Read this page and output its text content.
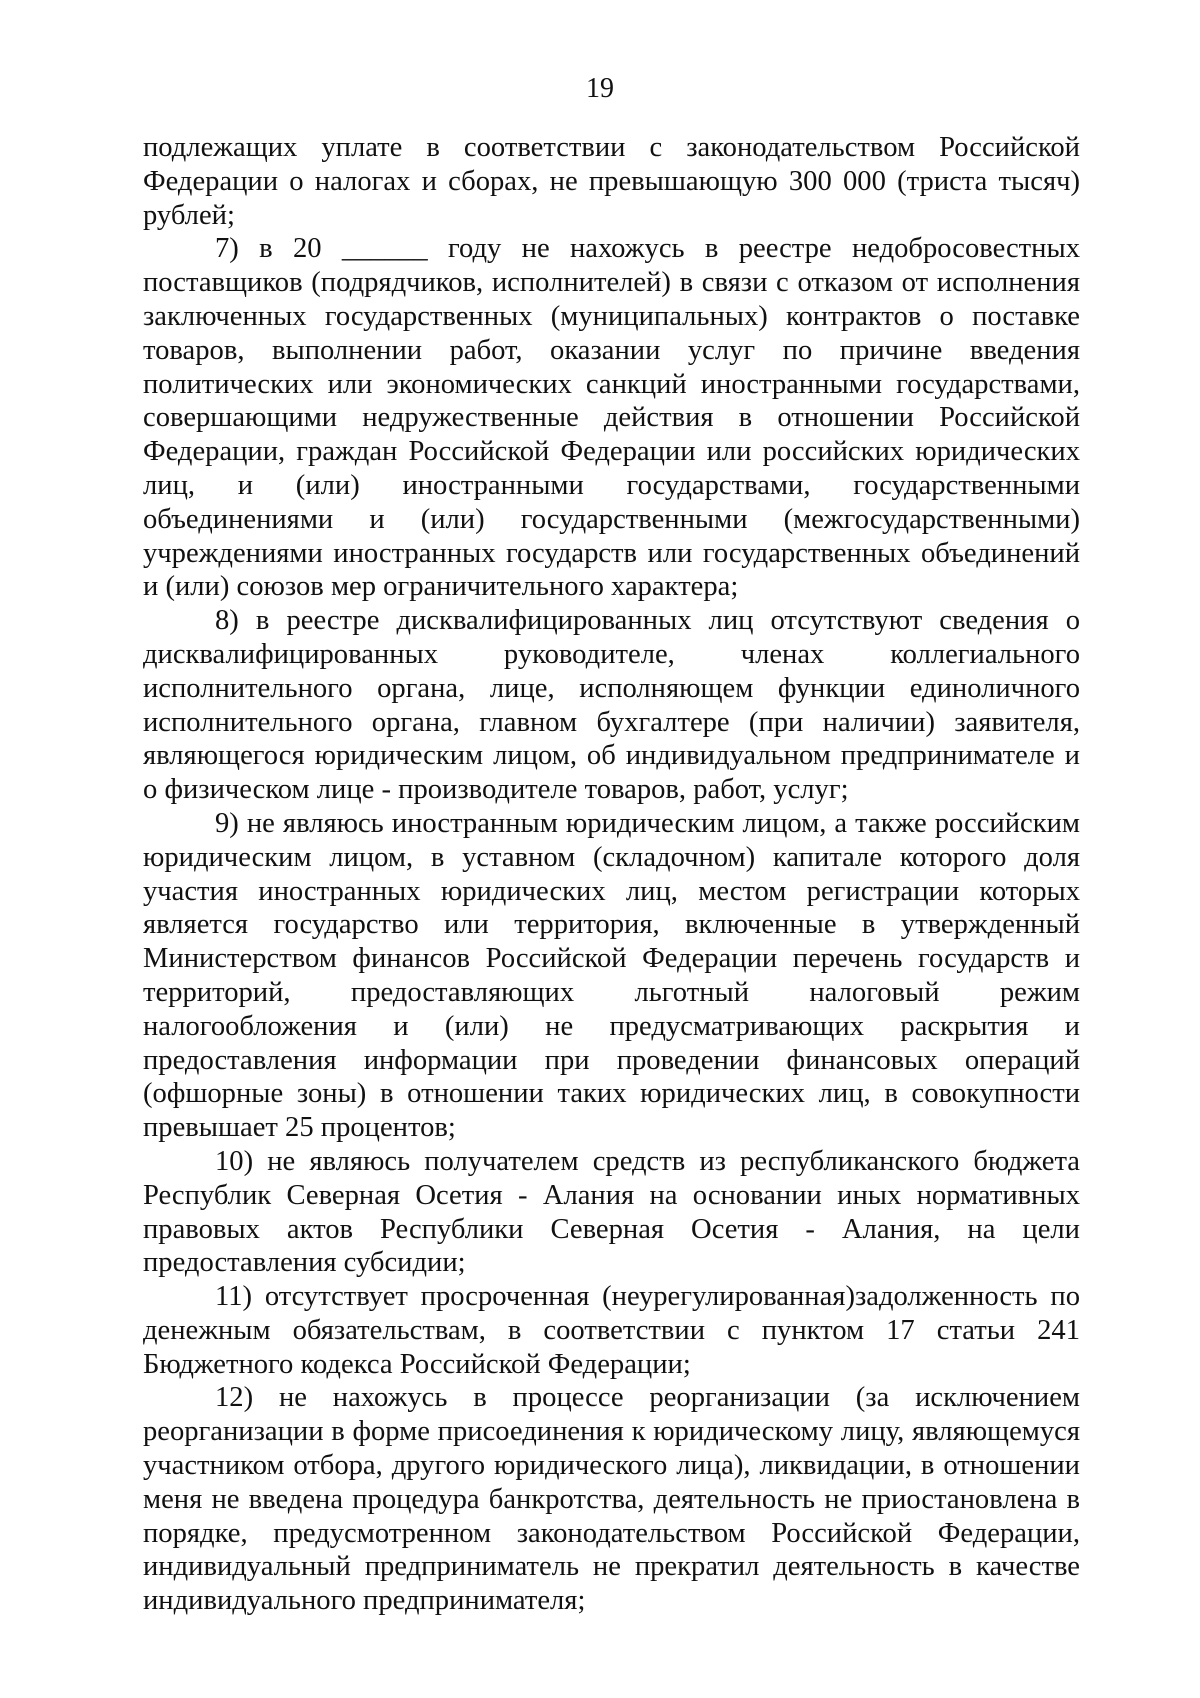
19

подлежащих уплате в соответствии с законодательством Российской Федерации о налогах и сборах, не превышающую 300 000 (триста тысяч) рублей;

7) в 20 ______ году не нахожусь в реестре недобросовестных поставщиков (подрядчиков, исполнителей) в связи с отказом от исполнения заключенных государственных (муниципальных) контрактов о поставке товаров, выполнении работ, оказании услуг по причине введения политических или экономических санкций иностранными государствами, совершающими недружественные действия в отношении Российской Федерации, граждан Российской Федерации или российских юридических лиц, и (или) иностранными государствами, государственными объединениями и (или) государственными (межгосударственными) учреждениями иностранных государств или государственных объединений и (или) союзов мер ограничительного характера;

8) в реестре дисквалифицированных лиц отсутствуют сведения о дисквалифицированных руководителе, членах коллегиального исполнительного органа, лице, исполняющем функции единоличного исполнительного органа, главном бухгалтере (при наличии) заявителя, являющегося юридическим лицом, об индивидуальном предпринимателе и о физическом лице - производителе товаров, работ, услуг;

9) не являюсь иностранным юридическим лицом, а также российским юридическим лицом, в уставном (складочном) капитале которого доля участия иностранных юридических лиц, местом регистрации которых является государство или территория, включенные в утвержденный Министерством финансов Российской Федерации перечень государств и территорий, предоставляющих льготный налоговый режим налогообложения и (или) не предусматривающих раскрытия и предоставления информации при проведении финансовых операций (офшорные зоны) в отношении таких юридических лиц, в совокупности превышает 25 процентов;

10) не являюсь получателем средств из республиканского бюджета Республик Северная Осетия - Алания на основании иных нормативных правовых актов Республики Северная Осетия - Алания, на цели предоставления субсидии;

11) отсутствует просроченная (неурегулированная)задолженность по денежным обязательствам, в соответствии с пунктом 17 статьи 241 Бюджетного кодекса Российской Федерации;

12) не нахожусь в процессе реорганизации (за исключением реорганизации в форме присоединения к юридическому лицу, являющемуся участником отбора, другого юридического лица), ликвидации, в отношении меня не введена процедура банкротства, деятельность не приостановлена в порядке, предусмотренном законодательством Российской Федерации, индивидуальный предприниматель не прекратил деятельность в качестве индивидуального предпринимателя;
